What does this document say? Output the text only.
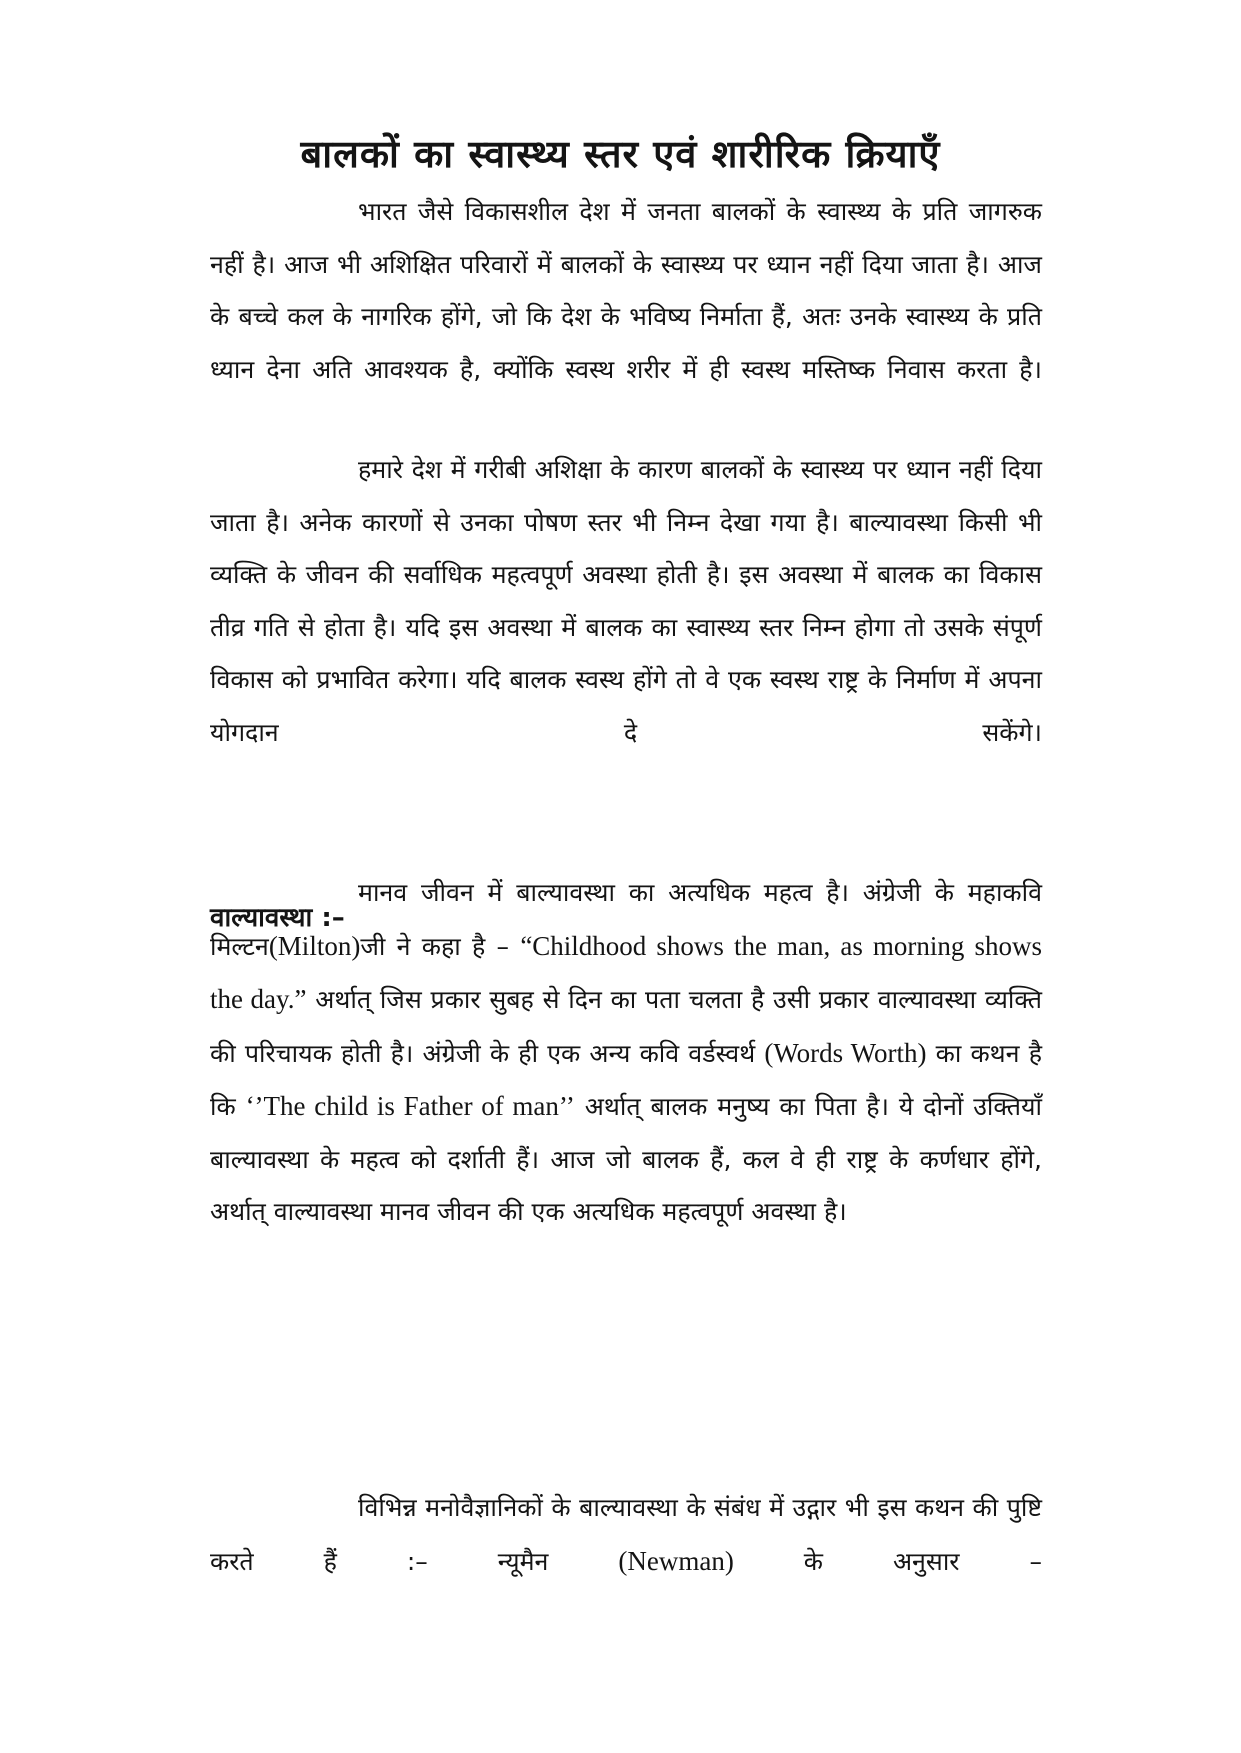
बालकों का स्वास्थ्य स्तर एवं शारीरिक क्रियाएँ

भारत जैसे विकासशील देश में जनता बालकों के स्वास्थ्य के प्रति जागरुक नहीं है। आज भी अशिक्षित परिवारों में बालकों के स्वास्थ्य पर ध्यान नहीं दिया जाता है। आज के बच्चे कल के नागरिक होंगे, जो कि देश के भविष्य निर्माता हैं, अतः उनके स्वास्थ्य के प्रति ध्यान देना अति आवश्यक है, क्योंकि स्वस्थ शरीर में ही स्वस्थ मस्तिष्क निवास करता है।

हमारे देश में गरीबी अशिक्षा के कारण बालकों के स्वास्थ्य पर ध्यान नहीं दिया जाता है। अनेक कारणों से उनका पोषण स्तर भी निम्न देखा गया है। बाल्यावस्था किसी भी व्यक्ति के जीवन की सर्वाधिक महत्वपूर्ण अवस्था होती है। इस अवस्था में बालक का विकास तीव्र गति से होता है। यदि इस अवस्था में बालक का स्वास्थ्य स्तर निम्न होगा तो उसके संपूर्ण विकास को प्रभावित करेगा। यदि बालक स्वस्थ होंगे तो वे एक स्वस्थ राष्ट्र के निर्माण में अपना योगदान दे सकेंगे।

वाल्यावस्था :–

मानव जीवन में बाल्यावस्था का अत्यधिक महत्व है। अंग्रेजी के महाकवि मिल्टन(Milton)जी ने कहा है – “Childhood shows the man, as morning shows the day.” अर्थात् जिस प्रकार सुबह से दिन का पता चलता है उसी प्रकार वाल्यावस्था व्यक्ति की परिचायक होती है। अंग्रेजी के ही एक अन्य कवि वर्डस्वर्थ (Words Worth) का कथन है कि ‘’The child is Father of man’’ अर्थात् बालक मनुष्य का पिता है। ये दोनों उक्तियाँ बाल्यावस्था के महत्व को दर्शाती हैं। आज जो बालक हैं, कल वे ही राष्ट्र के कर्णधार होंगे, अर्थात् वाल्यावस्था मानव जीवन की एक अत्यधिक महत्वपूर्ण अवस्था है।

विभिन्न मनोवैज्ञानिकों के बाल्यावस्था के संबंध में उद्गार भी इस कथन की पुष्टि करते हैं :– न्यूमैन (Newman) के अनुसार –
